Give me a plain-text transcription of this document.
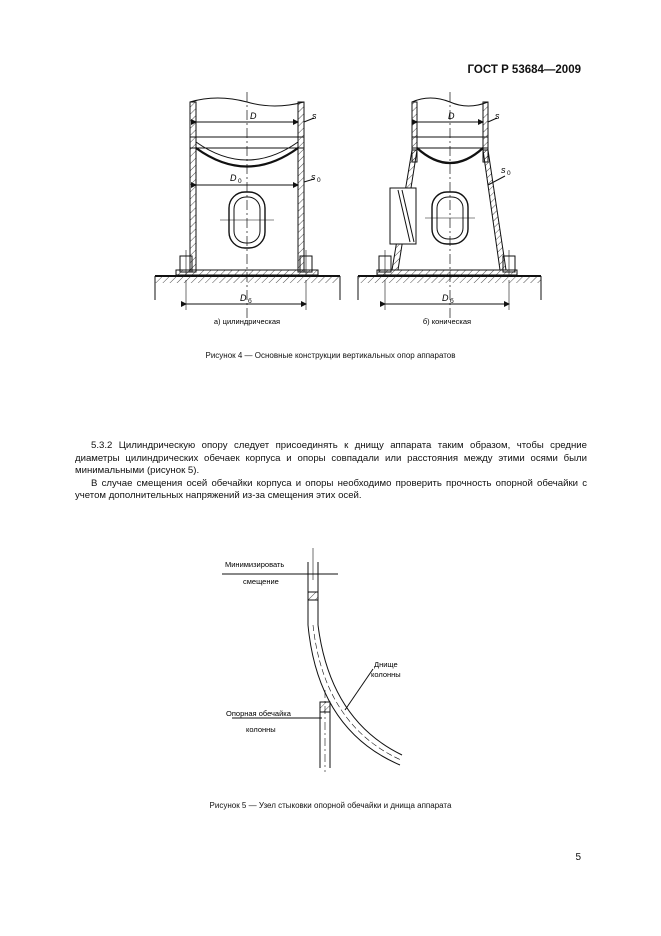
ГОСТ Р 53684—2009
D
D 0
D б
s
s 0
а) цилиндрическая
D	s
s 0
D б
б) коническая
Рисунок 4 — Основные конструкции вертикальных опор аппаратов

5.3.2 Цилиндрическую опору следует присоединять к днищу аппарата таким образом, чтобы средние диаметры цилиндрических обечаек корпуса и опоры совпадали или расстояния между этими осями были минимальными (рисунок 5).

В случае смещения осей обечайки корпуса и опоры необходимо проверить прочность опорной обечайки с учетом дополнительных напряжений из-за смещения этих осей.

Минимизировать
смещение
Днище
колонны
Опорная обечайка
колонны
Рисунок 5 — Узел стыковки опорной обечайки и днища аппарата
5
